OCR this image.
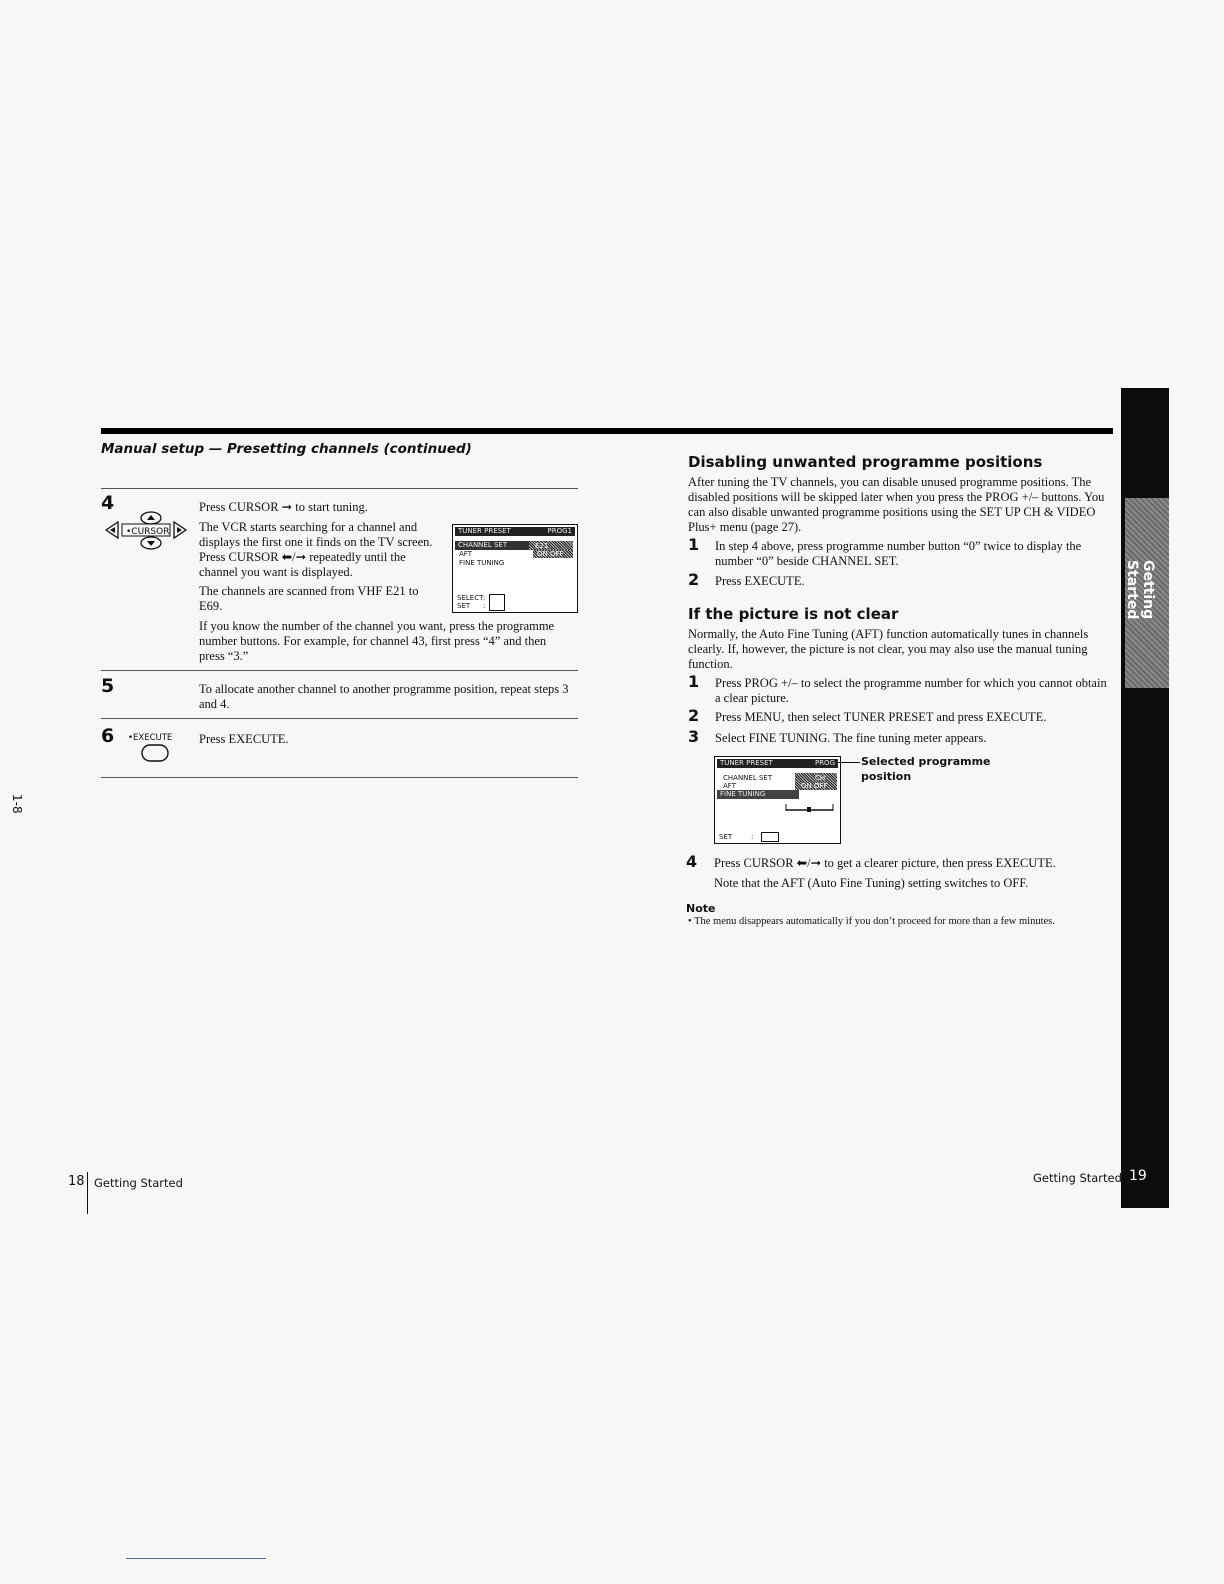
Manual setup — Presetting channels (continued)
Getting Started
4
•CURSOR
Press CURSOR ➞ to start tuning.
The VCR starts searching for a channel and displays the first one it finds on the TV screen. Press CURSOR ⬅/➞ repeatedly until the channel you want is displayed.
The channels are scanned from VHF E21 to E69.
TUNER PRESET	PROG1
CHANNEL SET	E21
AFT	ON OFF
FINE TUNING
SELECT
SET
:
:
If you know the number of the channel you want, press the programme number buttons. For example, for channel 43, first press “4” and then press “3.”
5	To allocate another channel to another programme position, repeat steps 3 and 4.
6 •EXECUTE Press EXECUTE.
1-8
Disabling unwanted programme positions
After tuning the TV channels, you can disable unused programme positions. The disabled positions will be skipped later when you press the PROG +/– buttons. You can also disable unwanted programme positions using the SET UP CH & VIDEO Plus+ menu (page 27).
1 In step 4 above, press programme number button “0” twice to display the number “0” beside CHANNEL SET.
2 Press EXECUTE.
If the picture is not clear
Normally, the Auto Fine Tuning (AFT) function automatically tunes in channels clearly. If, however, the picture is not clear, you may also use the manual tuning function.
1 Press PROG +/– to select the programme number for which you cannot obtain a clear picture.
2 Press MENU, then select TUNER PRESET and press EXECUTE.
3 Select FINE TUNING. The fine tuning meter appears.
TUNER PRESET	PROG
CHANNEL SET	CH
AFT	ON OFF
FINE TUNING
SET	:
Selected programme position
4 Press CURSOR ⬅/➞ to get a clearer picture, then press EXECUTE.
Note that the AFT (Auto Fine Tuning) setting switches to OFF.
Note
• The menu disappears automatically if you don’t proceed for more than a few minutes.
18 Getting Started	Getting Started 19
